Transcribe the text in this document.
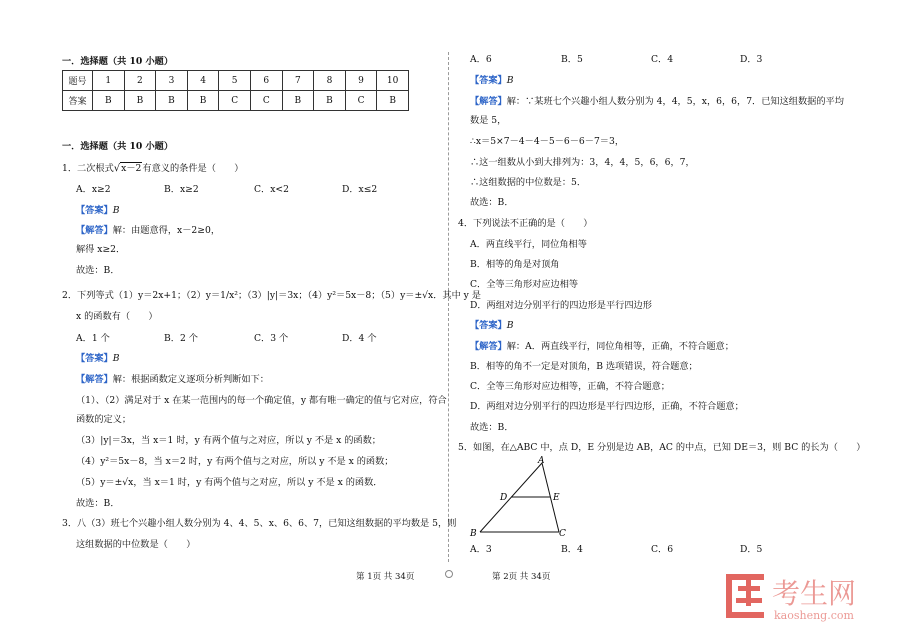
一．选择题（共 10 小题）
题号	1	2	3	4	5	6	7	8	9	10
答案	B	B	B	B	C	C	B	B	C	B
一．选择题（共 10 小题）
1．二次根式√x－2有意义的条件是（　　）
A．x≥2	B．x≥2	C．x<2	D．x≤2
【答案】B
【解答】解：由题意得，x－2≥0，
解得 x≥2．
故选：B．
2．下列等式（1）y＝2x+1；（2）y＝1/x²；（3）|y|＝3x；（4）y²＝5x－8；（5）y＝±√x．其中 y 是
x 的函数有（　　）
A．1 个	B．2 个	C．3 个	D．4 个
【答案】B
【解答】解：根据函数定义逐项分析判断如下：
（1）、（2）满足对于 x 在某一范围内的每一个确定值，y 都有唯一确定的值与它对应，符合
函数的定义；
（3）|y|＝3x，当 x＝1 时，y 有两个值与之对应，所以 y 不是 x 的函数；
（4）y²＝5x－8，当 x＝2 时，y 有两个值与之对应，所以 y 不是 x 的函数；
（5）y＝±√x，当 x＝1 时，y 有两个值与之对应，所以 y 不是 x 的函数．
故选：B．
3．八（3）班七个兴趣小组人数分别为 4、4、5、x、6、6、7，已知这组数据的平均数是 5，则
这组数据的中位数是（　　）
A．6	B．5	C．4	D．3
【答案】B
【解答】解：∵某班七个兴趣小组人数分别为 4，4，5，x，6，6，7．已知这组数据的平均
数是 5，
∴x＝5×7－4－4－5－6－6－7＝3，
∴这一组数从小到大排列为：3，4，4，5，6，6，7，
∴这组数据的中位数是：5．
故选：B．
4．下列说法不正确的是（　　）
A．两直线平行，同位角相等
B．相等的角是对顶角
C．全等三角形对应边相等
D．两组对边分别平行的四边形是平行四边形
【答案】B
【解答】解：A．两直线平行，同位角相等，正确，不符合题意；
B．相等的角不一定是对顶角，B 选项错误，符合题意；
C．全等三角形对应边相等，正确，不符合题意；
D．两组对边分别平行的四边形是平行四边形，正确，不符合题意；
故选：B．
5．如图，在△ABC 中，点 D，E 分别是边 AB，AC 的中点，已知 DE＝3，则 BC 的长为（　　）
A
D	E
B	C
A．3	B．4	C．6	D．5
第 1页 共 34页	第 2页 共 34页	考生网
kaosheng.com
